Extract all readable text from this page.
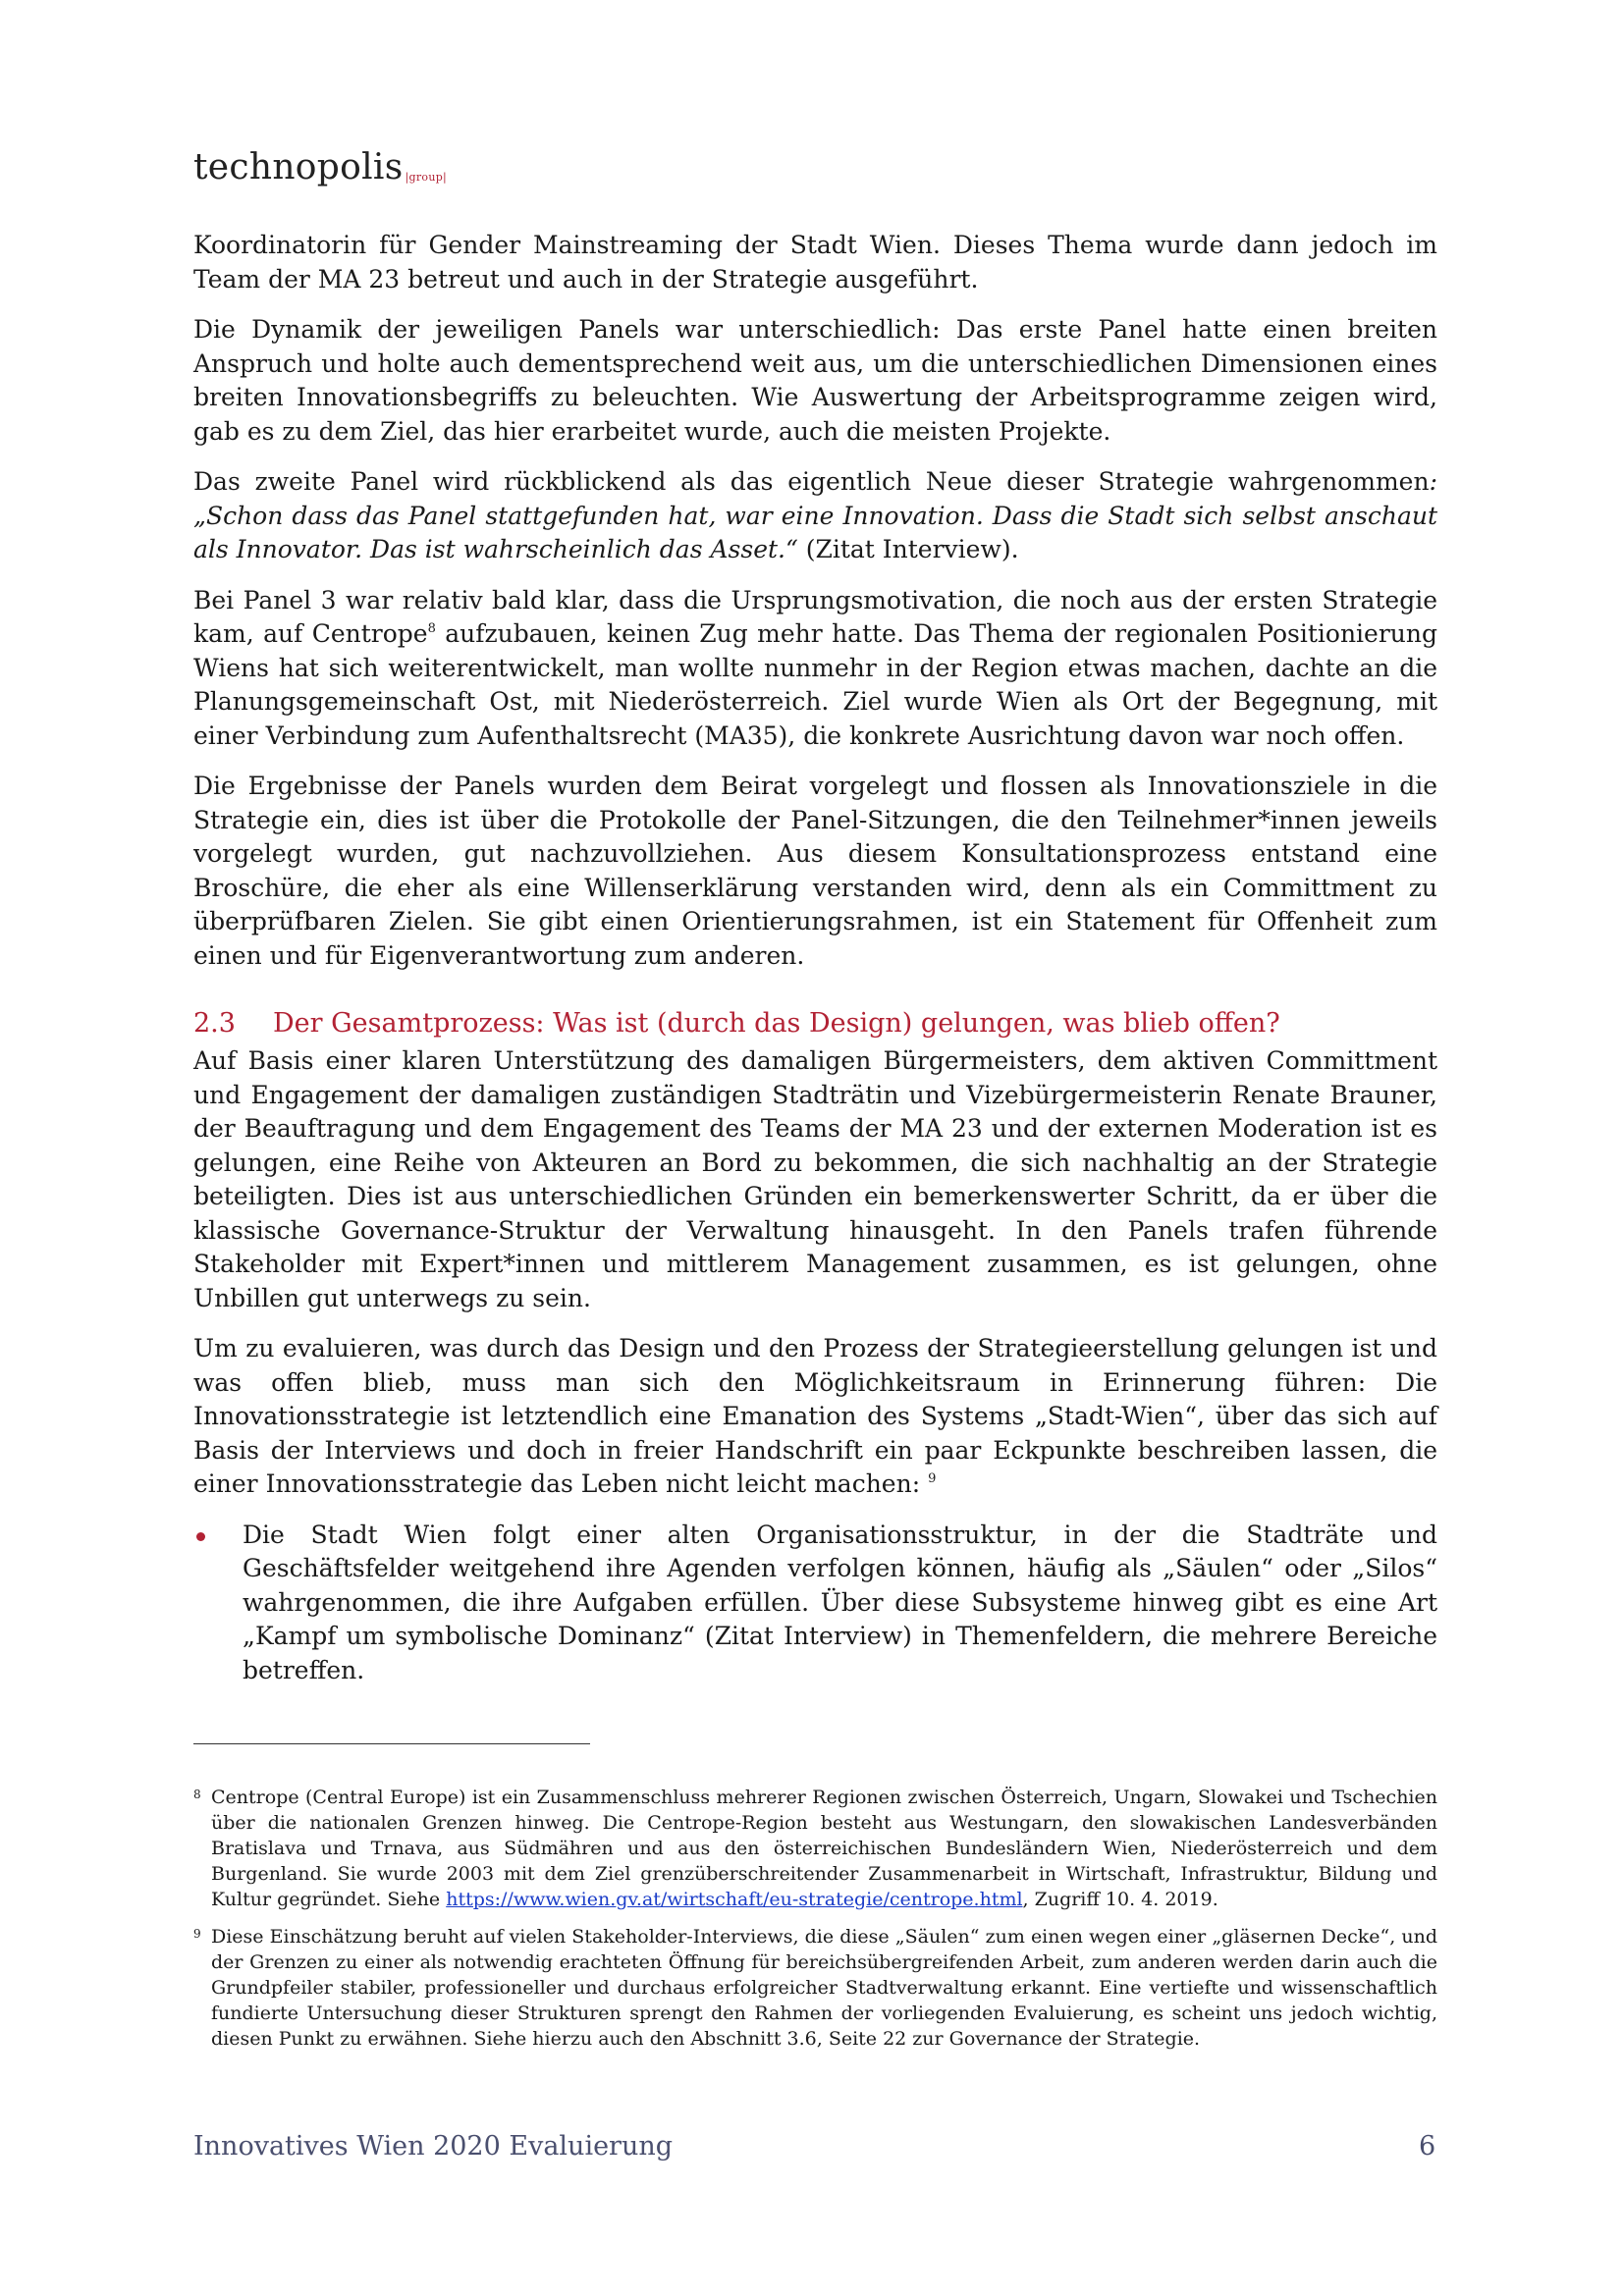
technopolis |group|

Koordinatorin für Gender Mainstreaming der Stadt Wien. Dieses Thema wurde dann jedoch im Team der MA 23 betreut und auch in der Strategie ausgeführt.

Die Dynamik der jeweiligen Panels war unterschiedlich: Das erste Panel hatte einen breiten Anspruch und holte auch dementsprechend weit aus, um die unterschiedlichen Dimensionen eines breiten Innovationsbegriffs zu beleuchten. Wie Auswertung der Arbeitsprogramme zeigen wird, gab es zu dem Ziel, das hier erarbeitet wurde, auch die meisten Projekte.

Das zweite Panel wird rückblickend als das eigentlich Neue dieser Strategie wahrgenommen: „Schon dass das Panel stattgefunden hat, war eine Innovation. Dass die Stadt sich selbst anschaut als Innovator. Das ist wahrscheinlich das Asset.“ (Zitat Interview).

Bei Panel 3 war relativ bald klar, dass die Ursprungsmotivation, die noch aus der ersten Strategie kam, auf Centrope$^8$ aufzubauen, keinen Zug mehr hatte. Das Thema der regionalen Positionierung Wiens hat sich weiterentwickelt, man wollte nunmehr in der Region etwas machen, dachte an die Planungsgemeinschaft Ost, mit Niederösterreich. Ziel wurde Wien als Ort der Begegnung, mit einer Verbindung zum Aufenthaltsrecht (MA35), die konkrete Ausrichtung davon war noch offen.

Die Ergebnisse der Panels wurden dem Beirat vorgelegt und flossen als Innovationsziele in die Strategie ein, dies ist über die Protokolle der Panel-Sitzungen, die den Teilnehmer*innen jeweils vorgelegt wurden, gut nachzuvollziehen. Aus diesem Konsultationsprozess entstand eine Broschüre, die eher als eine Willenserklärung verstanden wird, denn als ein Committment zu überprüfbaren Zielen. Sie gibt einen Orientierungsrahmen, ist ein Statement für Offenheit zum einen und für Eigenverantwortung zum anderen.

2.3 Der Gesamtprozess: Was ist (durch das Design) gelungen, was blieb offen?

Auf Basis einer klaren Unterstützung des damaligen Bürgermeisters, dem aktiven Committment und Engagement der damaligen zuständigen Stadträtin und Vizebürgermeisterin Renate Brauner, der Beauftragung und dem Engagement des Teams der MA 23 und der externen Moderation ist es gelungen, eine Reihe von Akteuren an Bord zu bekommen, die sich nachhaltig an der Strategie beteiligten. Dies ist aus unterschiedlichen Gründen ein bemerkenswerter Schritt, da er über die klassische Governance-Struktur der Verwaltung hinausgeht. In den Panels trafen führende Stakeholder mit Expert*innen und mittlerem Management zusammen, es ist gelungen, ohne Unbillen gut unterwegs zu sein.

Um zu evaluieren, was durch das Design und den Prozess der Strategieerstellung gelungen ist und was offen blieb, muss man sich den Möglichkeitsraum in Erinnerung führen: Die Innovationsstrategie ist letztendlich eine Emanation des Systems „Stadt-Wien“, über das sich auf Basis der Interviews und doch in freier Handschrift ein paar Eckpunkte beschreiben lassen, die einer Innovationsstrategie das Leben nicht leicht machen: $^9$

Die Stadt Wien folgt einer alten Organisationsstruktur, in der die Stadträte und Geschäftsfelder weitgehend ihre Agenden verfolgen können, häufig als „Säulen“ oder „Silos“ wahrgenommen, die ihre Aufgaben erfüllen. Über diese Subsysteme hinweg gibt es eine Art „Kampf um symbolische Dominanz“ (Zitat Interview) in Themenfeldern, die mehrere Bereiche betreffen.
8 Centrope (Central Europe) ist ein Zusammenschluss mehrerer Regionen zwischen Österreich, Ungarn, Slowakei und Tschechien über die nationalen Grenzen hinweg. Die Centrope-Region besteht aus Westungarn, den slowakischen Landesverbänden Bratislava und Trnava, aus Südmähren und aus den österreichischen Bundesländern Wien, Niederösterreich und dem Burgenland. Sie wurde 2003 mit dem Ziel grenzüberschreitender Zusammenarbeit in Wirtschaft, Infrastruktur, Bildung und Kultur gegründet. Siehe https://www.wien.gv.at/wirtschaft/eu-strategie/centrope.html, Zugriff 10. 4. 2019.
9 Diese Einschätzung beruht auf vielen Stakeholder-Interviews, die diese „Säulen“ zum einen wegen einer „gläsernen Decke“, und der Grenzen zu einer als notwendig erachteten Öffnung für bereichsübergreifenden Arbeit, zum anderen werden darin auch die Grundpfeiler stabiler, professioneller und durchaus erfolgreicher Stadtverwaltung erkannt. Eine vertiefte und wissenschaftlich fundierte Untersuchung dieser Strukturen sprengt den Rahmen der vorliegenden Evaluierung, es scheint uns jedoch wichtig, diesen Punkt zu erwähnen. Siehe hierzu auch den Abschnitt 3.6, Seite 22 zur Governance der Strategie.
Innovatives Wien 2020 Evaluierung	6
